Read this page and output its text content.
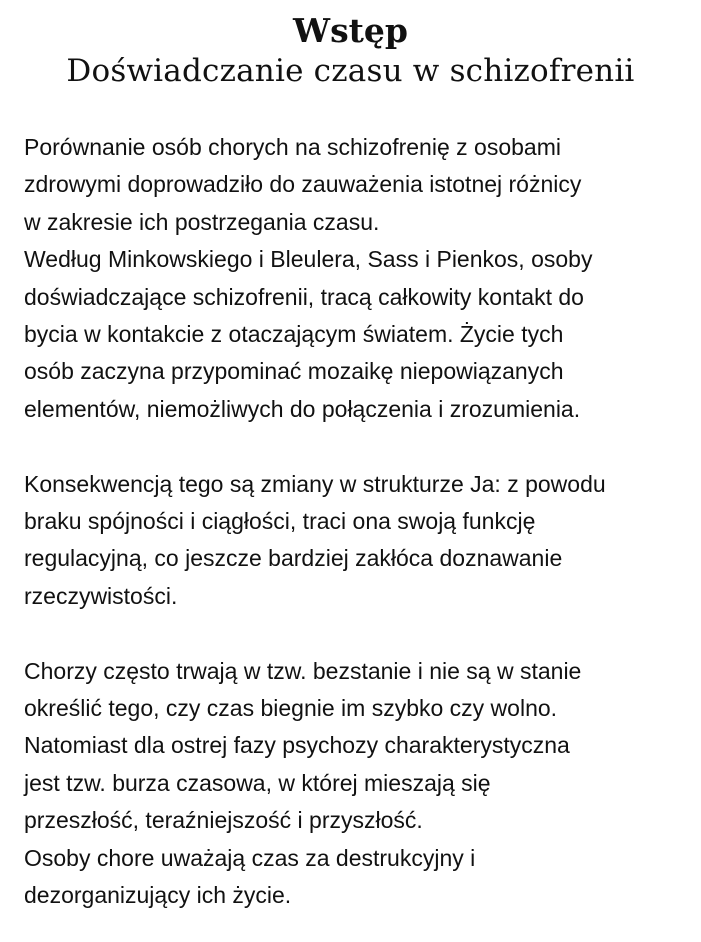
Wstęp
Doświadczanie czasu w schizofrenii

Porównanie osób chorych na schizofrenię z osobami
zdrowymi doprowadziło do zauważenia istotnej różnicy
w zakresie ich postrzegania czasu.

Według Minkowskiego i Bleulera, Sass i Pienkos, osoby
doświadczające schizofrenii, tracą całkowity kontakt do
bycia w kontakcie z otaczającym światem. Życie tych
osób zaczyna przypominać mozaikę niepowiązanych
elementów, niemożliwych do połączenia i zrozumienia.

Konsekwencją tego są zmiany w strukturze Ja: z powodu
braku spójności i ciągłości, traci ona swoją funkcję
regulacyjną, co jeszcze bardziej zakłóca doznawanie
rzeczywistości.

Chorzy często trwają w tzw. bezstanie i nie są w stanie
określić tego, czy czas biegnie im szybko czy wolno.
Natomiast dla ostrej fazy psychozy charakterystyczna
jest tzw. burza czasowa, w której mieszają się
przeszłość, teraźniejszość i przyszłość.

Osoby chore uważają czas za destrukcyjny i
dezorganizujący ich życie.
